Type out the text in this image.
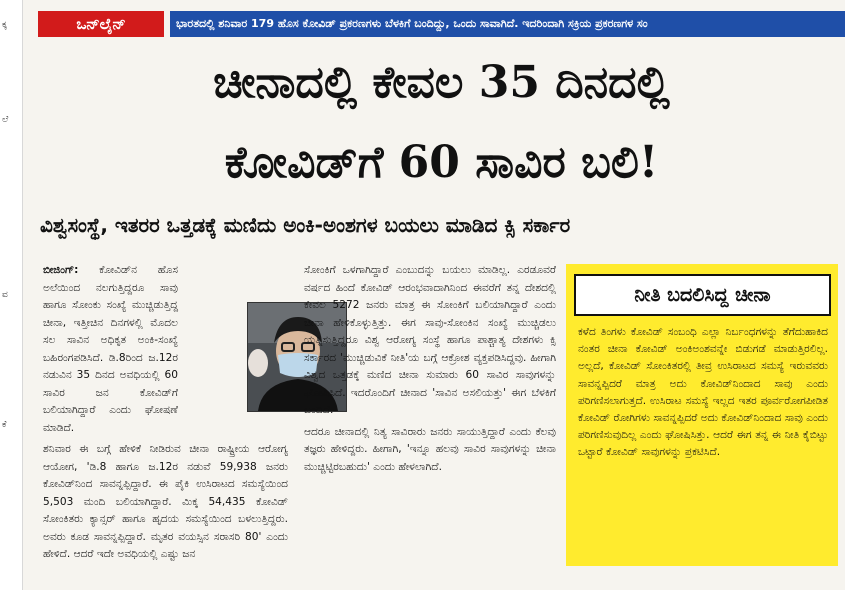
ಕ್ಕ
ಲೆ
ವ
ಕೆ
ಒನ್‌ಲೈನ್	ಭಾರತದಲ್ಲಿ ಶನಿವಾರ 179 ಹೊಸ ಕೋವಿಡ್ ಪ್ರಕರಣಗಳು ಬೆಳಕಿಗೆ ಬಂದಿದ್ದು, ಒಂದು ಸಾವಾಗಿದೆ. ಇದರಿಂದಾಗಿ ಸಕ್ರಿಯ ಪ್ರಕರಣಗಳ ಸಂ
ಚೀನಾದಲ್ಲಿ ಕೇವಲ 35 ದಿನದಲ್ಲಿ
ಕೋವಿಡ್‌ಗೆ 60 ಸಾವಿರ ಬಲಿ!
ವಿಶ್ವಸಂಸ್ಥೆ, ಇತರರ ಒತ್ತಡಕ್ಕೆ ಮಣಿದು ಅಂಕಿ-ಅಂಶಗಳ ಬಯಲು ಮಾಡಿದ ಕ್ಸಿ ಸರ್ಕಾರ
ಬೀಜಿಂಗ್: ಕೋವಿಡ್‌ನ ಹೊಸ ಅಲೆಯಿಂದ ನಲಗುತ್ತಿದ್ದರೂ ಸಾವು ಹಾಗೂ ಸೋಂಕು ಸಂಖ್ಯೆ ಮುಚ್ಚಿಡುತ್ತಿದ್ದ ಚೀನಾ, ಇತ್ತೀಚಿನ ದಿನಗಳಲ್ಲಿ ಮೊದಲ ಸಲ ಸಾವಿನ ಅಧಿಕೃತ ಅಂಕಿ-ಸಂಖ್ಯೆ ಬಹಿರಂಗಪಡಿಸಿದೆ. ಡಿ.8ರಿಂದ ಜ.12ರ ನಡುವಿನ 35 ದಿನದ ಅವಧಿಯಲ್ಲಿ 60 ಸಾವಿರ ಜನ ಕೋವಿಡ್‌ಗೆ ಬಲಿಯಾಗಿದ್ದಾರೆ ಎಂದು ಘೋಷಣೆ ಮಾಡಿದೆ.
ಶನಿವಾರ ಈ ಬಗ್ಗೆ ಹೇಳಿಕೆ ನೀಡಿರುವ ಚೀನಾ ರಾಷ್ಟ್ರೀಯ ಆರೋಗ್ಯ ಆಯೋಗ, 'ಡಿ.8 ಹಾಗೂ ಜ.12ರ ನಡುವೆ 59,938 ಜನರು ಕೋವಿಡ್‌ನಿಂದ ಸಾವನ್ನಪ್ಪಿದ್ದಾರೆ. ಈ ಪೈಕಿ ಉಸಿರಾಟದ ಸಮಸ್ಯೆಯಿಂದ 5,503 ಮಂದಿ ಬಲಿಯಾಗಿದ್ದಾರೆ. ಮಿಕ್ಕ 54,435 ಕೋವಿಡ್ ಸೋಂಕಿತರು ಕ್ಯಾನ್ಸರ್ ಹಾಗೂ ಹೃದಯ ಸಮಸ್ಯೆಯಿಂದ ಬಳಲುತ್ತಿದ್ದರು. ಅವರು ಕೂಡ ಸಾವನ್ನಪ್ಪಿದ್ದಾರೆ. ಮೃತರ ವಯಸ್ಸಿನ ಸರಾಸರಿ 80' ಎಂದು ಹೇಳಿದೆ. ಆದರೆ ಇದೇ ಅವಧಿಯಲ್ಲಿ ಎಷ್ಟು ಜನ
ಸೋಂಕಿಗೆ ಒಳಗಾಗಿದ್ದಾರೆ ಎಂಬುದನ್ನು ಬಯಲು ಮಾಡಿಲ್ಲ. ಎರಡೂವರೆ ವರ್ಷದ ಹಿಂದೆ ಕೋವಿಡ್ ಆರಂಭವಾದಾಗಿನಿಂದ ಈವರೆಗೆ ತನ್ನ ದೇಶದಲ್ಲಿ ಕೇವಲ 5272 ಜನರು ಮಾತ್ರ ಈ ಸೋಂಕಿಗೆ ಬಲಿಯಾಗಿದ್ದಾರೆ ಎಂದು ಚೀನಾ ಹೇಳಿಕೊಳ್ಳುತ್ತಿತ್ತು. ಈಗ ಸಾವು-ಸೋಂಕಿನ ಸಂಖ್ಯೆ ಮುಚ್ಚಿಡಲು ಯತ್ನಿಸುತ್ತಿದ್ದರೂ ವಿಶ್ವ ಆರೋಗ್ಯ ಸಂಸ್ಥೆ ಹಾಗೂ ಪಾಶ್ಚಾತ್ಯ ದೇಶಗಳು ಕ್ಸಿ ಸರ್ಕಾರದ 'ಮುಚ್ಚಿಡುವಿಕೆ ನೀತಿ'ಯ ಬಗ್ಗೆ ಆಕ್ರೋಶ ವ್ಯಕ್ತಪಡಿಸಿದ್ದವು. ಹೀಗಾಗಿ ವಿಶ್ವದ ಒತ್ತಡಕ್ಕೆ ಮಣಿದ ಚೀನಾ ಸುಮಾರು 60 ಸಾವಿರ ಸಾವುಗಳನ್ನು ಘೋಷಿಸಿದೆ. ಇದರೊಂದಿಗೆ ಚೀನಾದ 'ಸಾವಿನ ಅಸಲಿಯತ್ತು' ಈಗ ಬೆಳಕಿಗೆ ಬಂದಿದೆ.
ಆದರೂ ಚೀನಾದಲ್ಲಿ ನಿತ್ಯ ಸಾವಿರಾರು ಜನರು ಸಾಯುತ್ತಿದ್ದಾರೆ ಎಂದು ಕೆಲವು ತಜ್ಞರು ಹೇಳಿದ್ದರು. ಹೀಗಾಗಿ, 'ಇನ್ನೂ ಹಲವು ಸಾವಿರ ಸಾವುಗಳನ್ನು ಚೀನಾ ಮುಚ್ಚಿಟ್ಟಿರಬಹುದು' ಎಂದು ಹೇಳಲಾಗಿದೆ.
ನೀತಿ ಬದಲಿಸಿದ್ದ ಚೀನಾ
ಕಳೆದ ತಿಂಗಳು ಕೋವಿಡ್ ಸಂಬಂಧಿ ಎಲ್ಲಾ ನಿರ್ಬಂಧಗಳನ್ನು ತೆಗೆದುಹಾಕಿದ ನಂತರ ಚೀನಾ ಕೋವಿಡ್ ಅಂಕಿಅಂಶವನ್ನೇ ಬಿಡುಗಡೆ ಮಾಡುತ್ತಿರಲಿಲ್ಲ. ಅಲ್ಲದೆ, ಕೋವಿಡ್ ಸೋಂಕಿತರಲ್ಲಿ ತೀವ್ರ ಉಸಿರಾಟದ ಸಮಸ್ಯೆ ಇರುವವರು ಸಾವನ್ನಪ್ಪಿದರೆ ಮಾತ್ರ ಅದು ಕೋವಿಡ್‌ನಿಂದಾದ ಸಾವು ಎಂದು ಪರಿಗಣಿಸಲಾಗುತ್ತದೆ. ಉಸಿರಾಟ ಸಮಸ್ಯೆ ಇಲ್ಲದ ಇತರ ಪೂರ್ವರೋಗಪೀಡಿತ ಕೋವಿಡ್ ರೋಗಿಗಳು ಸಾವನ್ನಪ್ಪಿದರೆ ಅದು ಕೋವಿಡ್‌ನಿಂದಾದ ಸಾವು ಎಂದು ಪರಿಗಣಿಸುವುದಿಲ್ಲ ಎಂದು ಘೋಷಿಸಿತ್ತು. ಆದರೆ ಈಗ ತನ್ನ ಈ ನೀತಿ ಕೈಬಿಟ್ಟು ಒಟ್ಟಾರೆ ಕೋವಿಡ್ ಸಾವುಗಳನ್ನು ಪ್ರಕಟಿಸಿದೆ.
